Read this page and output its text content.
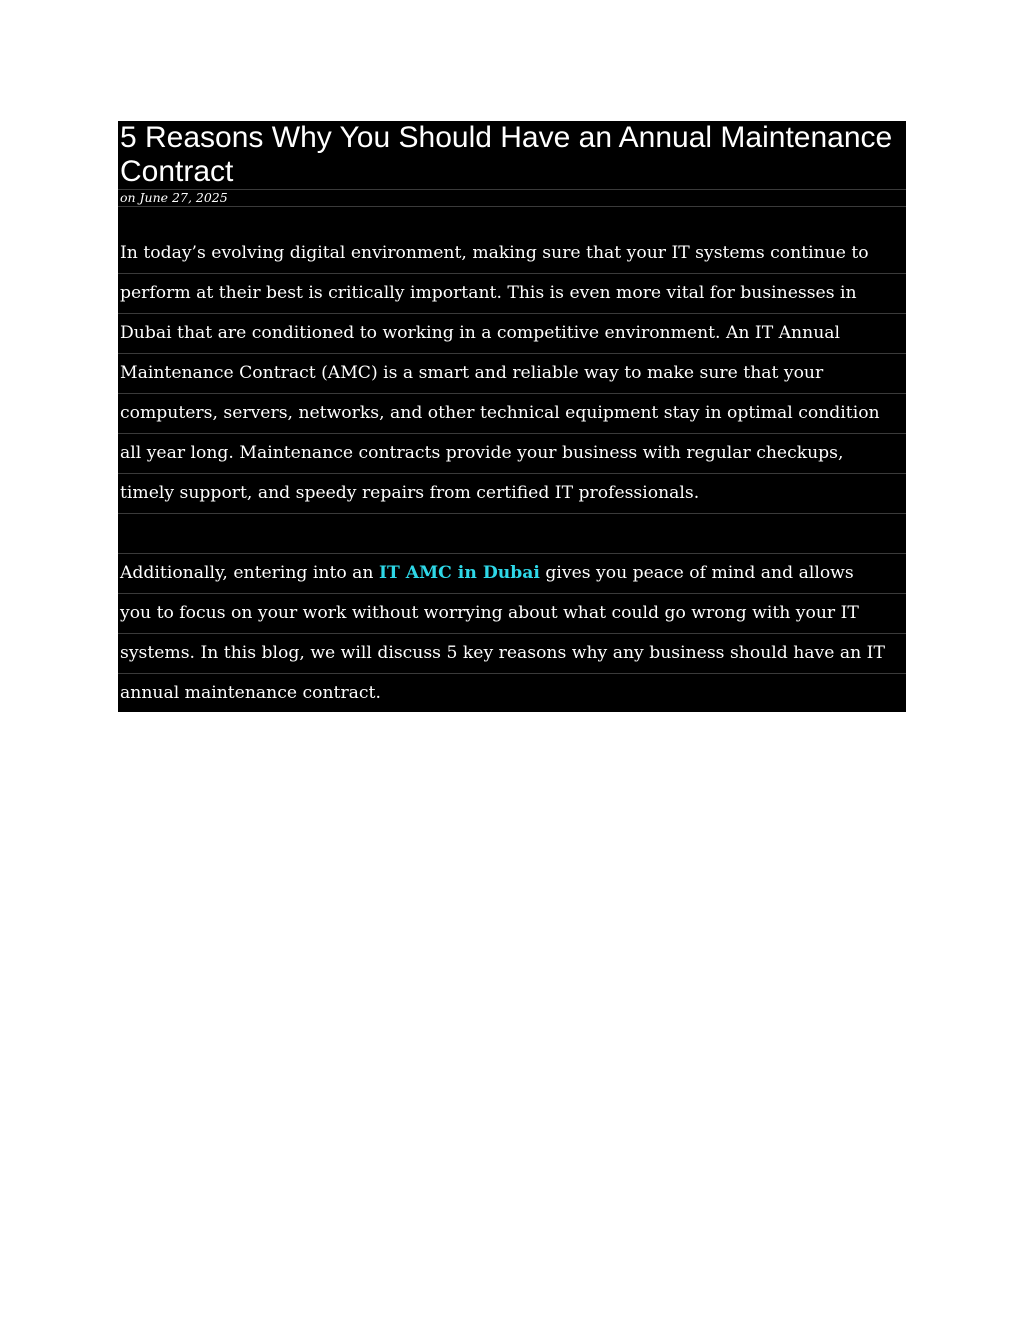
5 Reasons Why You Should Have an Annual Maintenance Contract
on June 27, 2025
In today’s evolving digital environment, making sure that your IT systems continue to
perform at their best is critically important. This is even more vital for businesses in
Dubai that are conditioned to working in a competitive environment. An IT Annual
Maintenance Contract (AMC) is a smart and reliable way to make sure that your
computers, servers, networks, and other technical equipment stay in optimal condition
all year long. Maintenance contracts provide your business with regular checkups,
timely support, and speedy repairs from certified IT professionals.
Additionally, entering into an IT AMC in Dubai gives you peace of mind and allows
you to focus on your work without worrying about what could go wrong with your IT
systems. In this blog, we will discuss 5 key reasons why any business should have an IT
annual maintenance contract.
